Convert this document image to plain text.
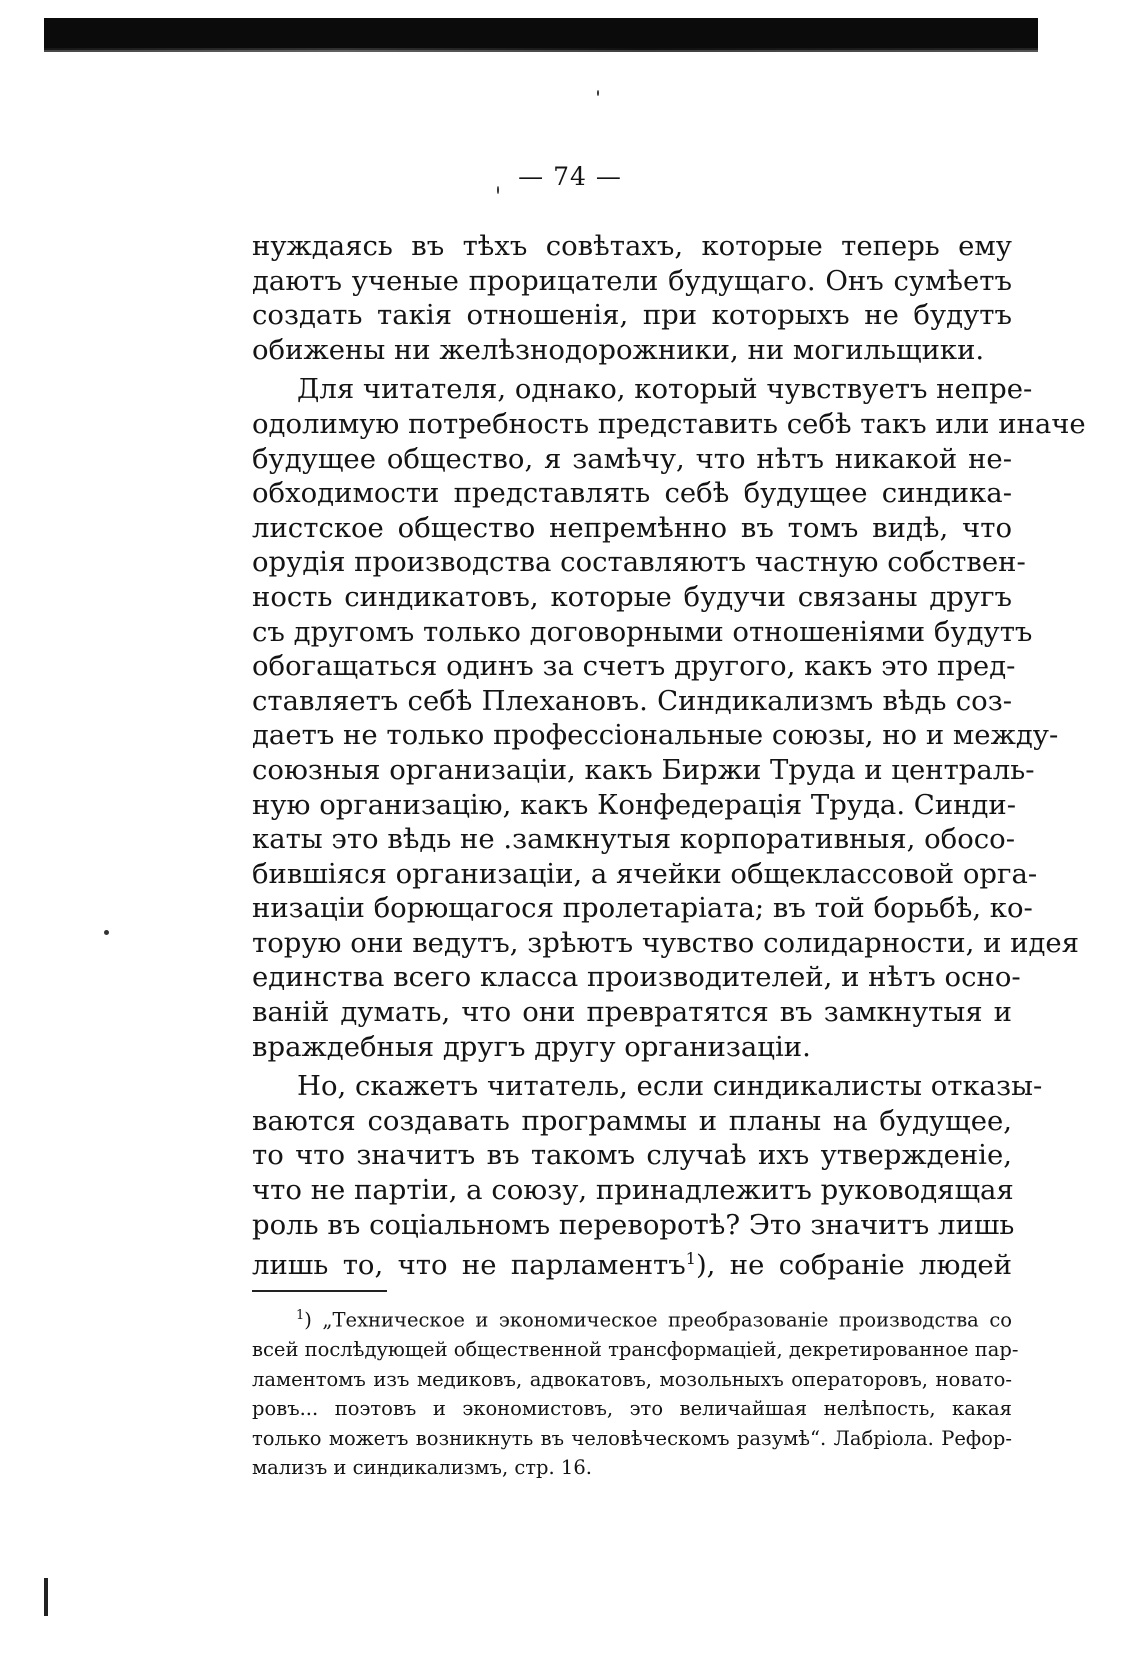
— 74 —

нуждаясь въ тѣхъ совѣтахъ, которые теперь ему

даютъ ученые прорицатели будущаго. Онъ сумѣетъ

создать такія отношенія, при которыхъ не будутъ

обижены ни желѣзнодорожники, ни могильщики.

Для читателя, однако, который чувствуетъ непре-

одолимую потребность представить себѣ такъ или иначе

будущее общество, я замѣчу, что нѣтъ никакой не-

обходимости представлять себѣ будущее синдика-

листское общество непремѣнно въ томъ видѣ, что

орудія производства составляютъ частную собствен-

ность синдикатовъ, которые будучи связаны другъ

съ другомъ только договорными отношеніями будутъ

обогащаться одинъ за счетъ другого, какъ это пред-

ставляетъ себѣ Плехановъ. Синдикализмъ вѣдь соз-

даетъ не только профессіональные союзы, но и между-

союзныя организаціи, какъ Биржи Труда и централь-

ную организацію, какъ Конфедерація Труда. Синди-

каты это вѣдь не .замкнутыя корпоративныя, обосо-

бившіяся организаціи, а ячейки общеклассовой орга-

низаціи борющагося пролетаріата; въ той борьбѣ, ко-

торую они ведутъ, зрѣютъ чувство солидарности, и идея

единства всего класса производителей, и нѣтъ осно-

ваній думать, что они превратятся въ замкнутыя и

враждебныя другъ другу организаціи.

Но, скажетъ читатель, если синдикалисты отказы-

ваются создавать программы и планы на будущее,

то что значитъ въ такомъ случаѣ ихъ утвержденіе,

что не партіи, а союзу, принадлежитъ руководящая

роль въ соціальномъ переворотѣ? Это значитъ лишь

лишь то, что не парламентъ$^1$), не собраніе людей

$^1$) „Техническое и экономическое преобразованіе производства со

всей послѣдующей общественной трансформаціей, декретированное пар-

ламентомъ изъ медиковъ, адвокатовъ, мозольныхъ операторовъ, новато-

ровъ... поэтовъ и экономистовъ, это величайшая нелѣпость, какая

только можетъ возникнуть въ человѣческомъ разумѣ“. Лабріола. Рефор-

мализъ и синдикализмъ, стр. 16.
